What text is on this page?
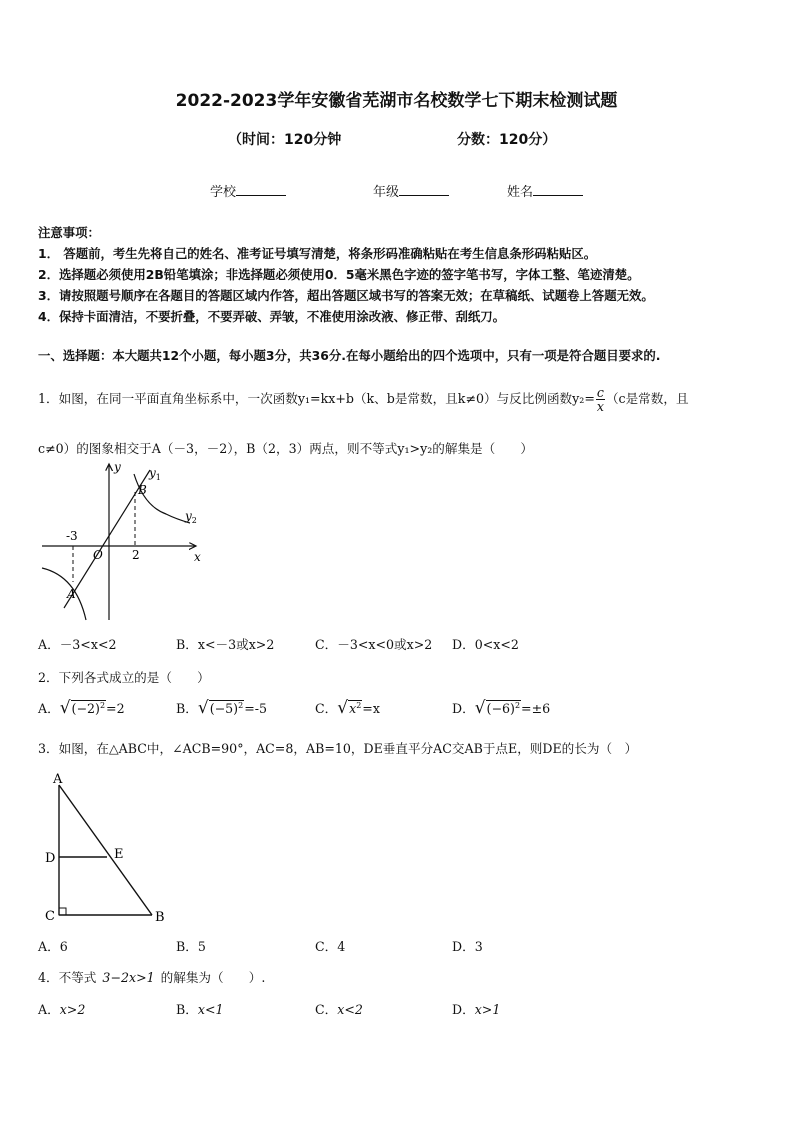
2022-2023学年安徽省芜湖市名校数学七下期末检测试题
（时间：120分钟	分数：120分）
学校	年级	姓名
注意事项：
1． 答题前，考生先将自己的姓名、准考证号填写清楚，将条形码准确粘贴在考生信息条形码粘贴区。
2．选择题必须使用2B铅笔填涂；非选择题必须使用0．5毫米黑色字迹的签字笔书写，字体工整、笔迹清楚。
3．请按照题号顺序在各题目的答题区域内作答，超出答题区域书写的答案无效；在草稿纸、试题卷上答题无效。
4．保持卡面清洁，不要折叠，不要弄破、弄皱，不准使用涂改液、修正带、刮纸刀。
一、选择题：本大题共12个小题，每小题3分，共36分.在每小题给出的四个选项中，只有一项是符合题目要求的.
1．如图，在同一平面直角坐标系中，一次函数y₁=kx+b（k、b是常数，且k≠0）与反比例函数$y_2= \frac{c}{x} (c$是常数，且
c≠0）的图象相交于A（－3，－2），B（2，3）两点，则不等式y₁>y₂的解集是（　　）
y
x
O
-3
2
B
A
$y_1$
$y_2$
A．－3<x<2	B．x<－3或x>2	C．－3<x<0或x>2 D．0<x<2
2．下列各式成立的是（　　）
A．$√(-2)^2=2$	B．$√(-5)^2=-5$	C．$√x^2=x$	D．$√(-6)^2=\pm 6$
3．如图，在△ABC中，∠ACB=90°，AC=8，AB=10，DE垂直平分AC交AB于点E，则DE的长为（　）
A
D	E
C	B
A．6	B．5	C．4	D．3
4．不等式 3−2x>1 的解集为（　　）.
A．x>2	B．x<1	C．x<2	D．x>1
